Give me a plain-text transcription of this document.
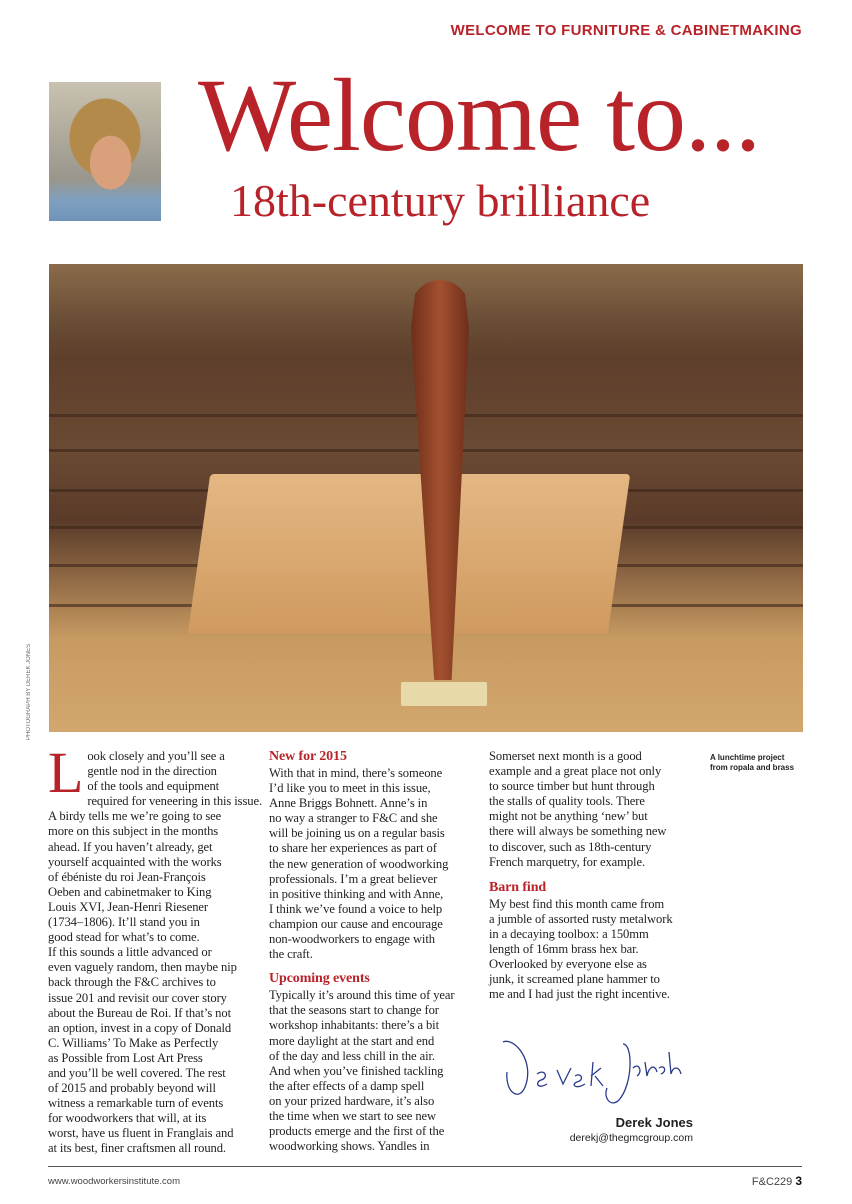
WELCOME TO FURNITURE & CABINETMAKING
Welcome to...
18th-century brilliance
PHOTOGRAPH BY DEREK JONES
Look closely and you’ll see a
gentle nod in the direction
of the tools and equipment
required for veneering in this issue.
A birdy tells me we’re going to see
more on this subject in the months
ahead. If you haven’t already, get
yourself acquainted with the works
of ébéniste du roi Jean-François
Oeben and cabinetmaker to King
Louis XVI, Jean-Henri Riesener
(1734–1806). It’ll stand you in
good stead for what’s to come.
If this sounds a little advanced or
even vaguely random, then maybe nip
back through the F&C archives to
issue 201 and revisit our cover story
about the Bureau de Roi. If that’s not
an option, invest in a copy of Donald
C. Williams’ To Make as Perfectly
as Possible from Lost Art Press
and you’ll be well covered. The rest
of 2015 and probably beyond will
witness a remarkable turn of events
for woodworkers that will, at its
worst, have us fluent in Franglais and
at its best, finer craftsmen all round.
New for 2015
With that in mind, there’s someone
I’d like you to meet in this issue,
Anne Briggs Bohnett. Anne’s in
no way a stranger to F&C and she
will be joining us on a regular basis
to share her experiences as part of
the new generation of woodworking
professionals. I’m a great believer
in positive thinking and with Anne,
I think we’ve found a voice to help
champion our cause and encourage
non-woodworkers to engage with
the craft.
Upcoming events
Typically it’s around this time of year
that the seasons start to change for
workshop inhabitants: there’s a bit
more daylight at the start and end
of the day and less chill in the air.
And when you’ve finished tackling
the after effects of a damp spell
on your prized hardware, it’s also
the time when we start to see new
products emerge and the first of the
woodworking shows. Yandles in
Somerset next month is a good
example and a great place not only
to source timber but hunt through
the stalls of quality tools. There
might not be anything ‘new’ but
there will always be something new
to discover, such as 18th-century
French marquetry, for example.
Barn find
My best find this month came from
a jumble of assorted rusty metalwork
in a decaying toolbox: a 150mm
length of 16mm brass hex bar.
Overlooked by everyone else as
junk, it screamed plane hammer to
me and I had just the right incentive.
A lunchtime project
from ropala and brass
Derek Jones
derekj@thegmcgroup.com
www.woodworkersinstitute.com	F&C229 3
